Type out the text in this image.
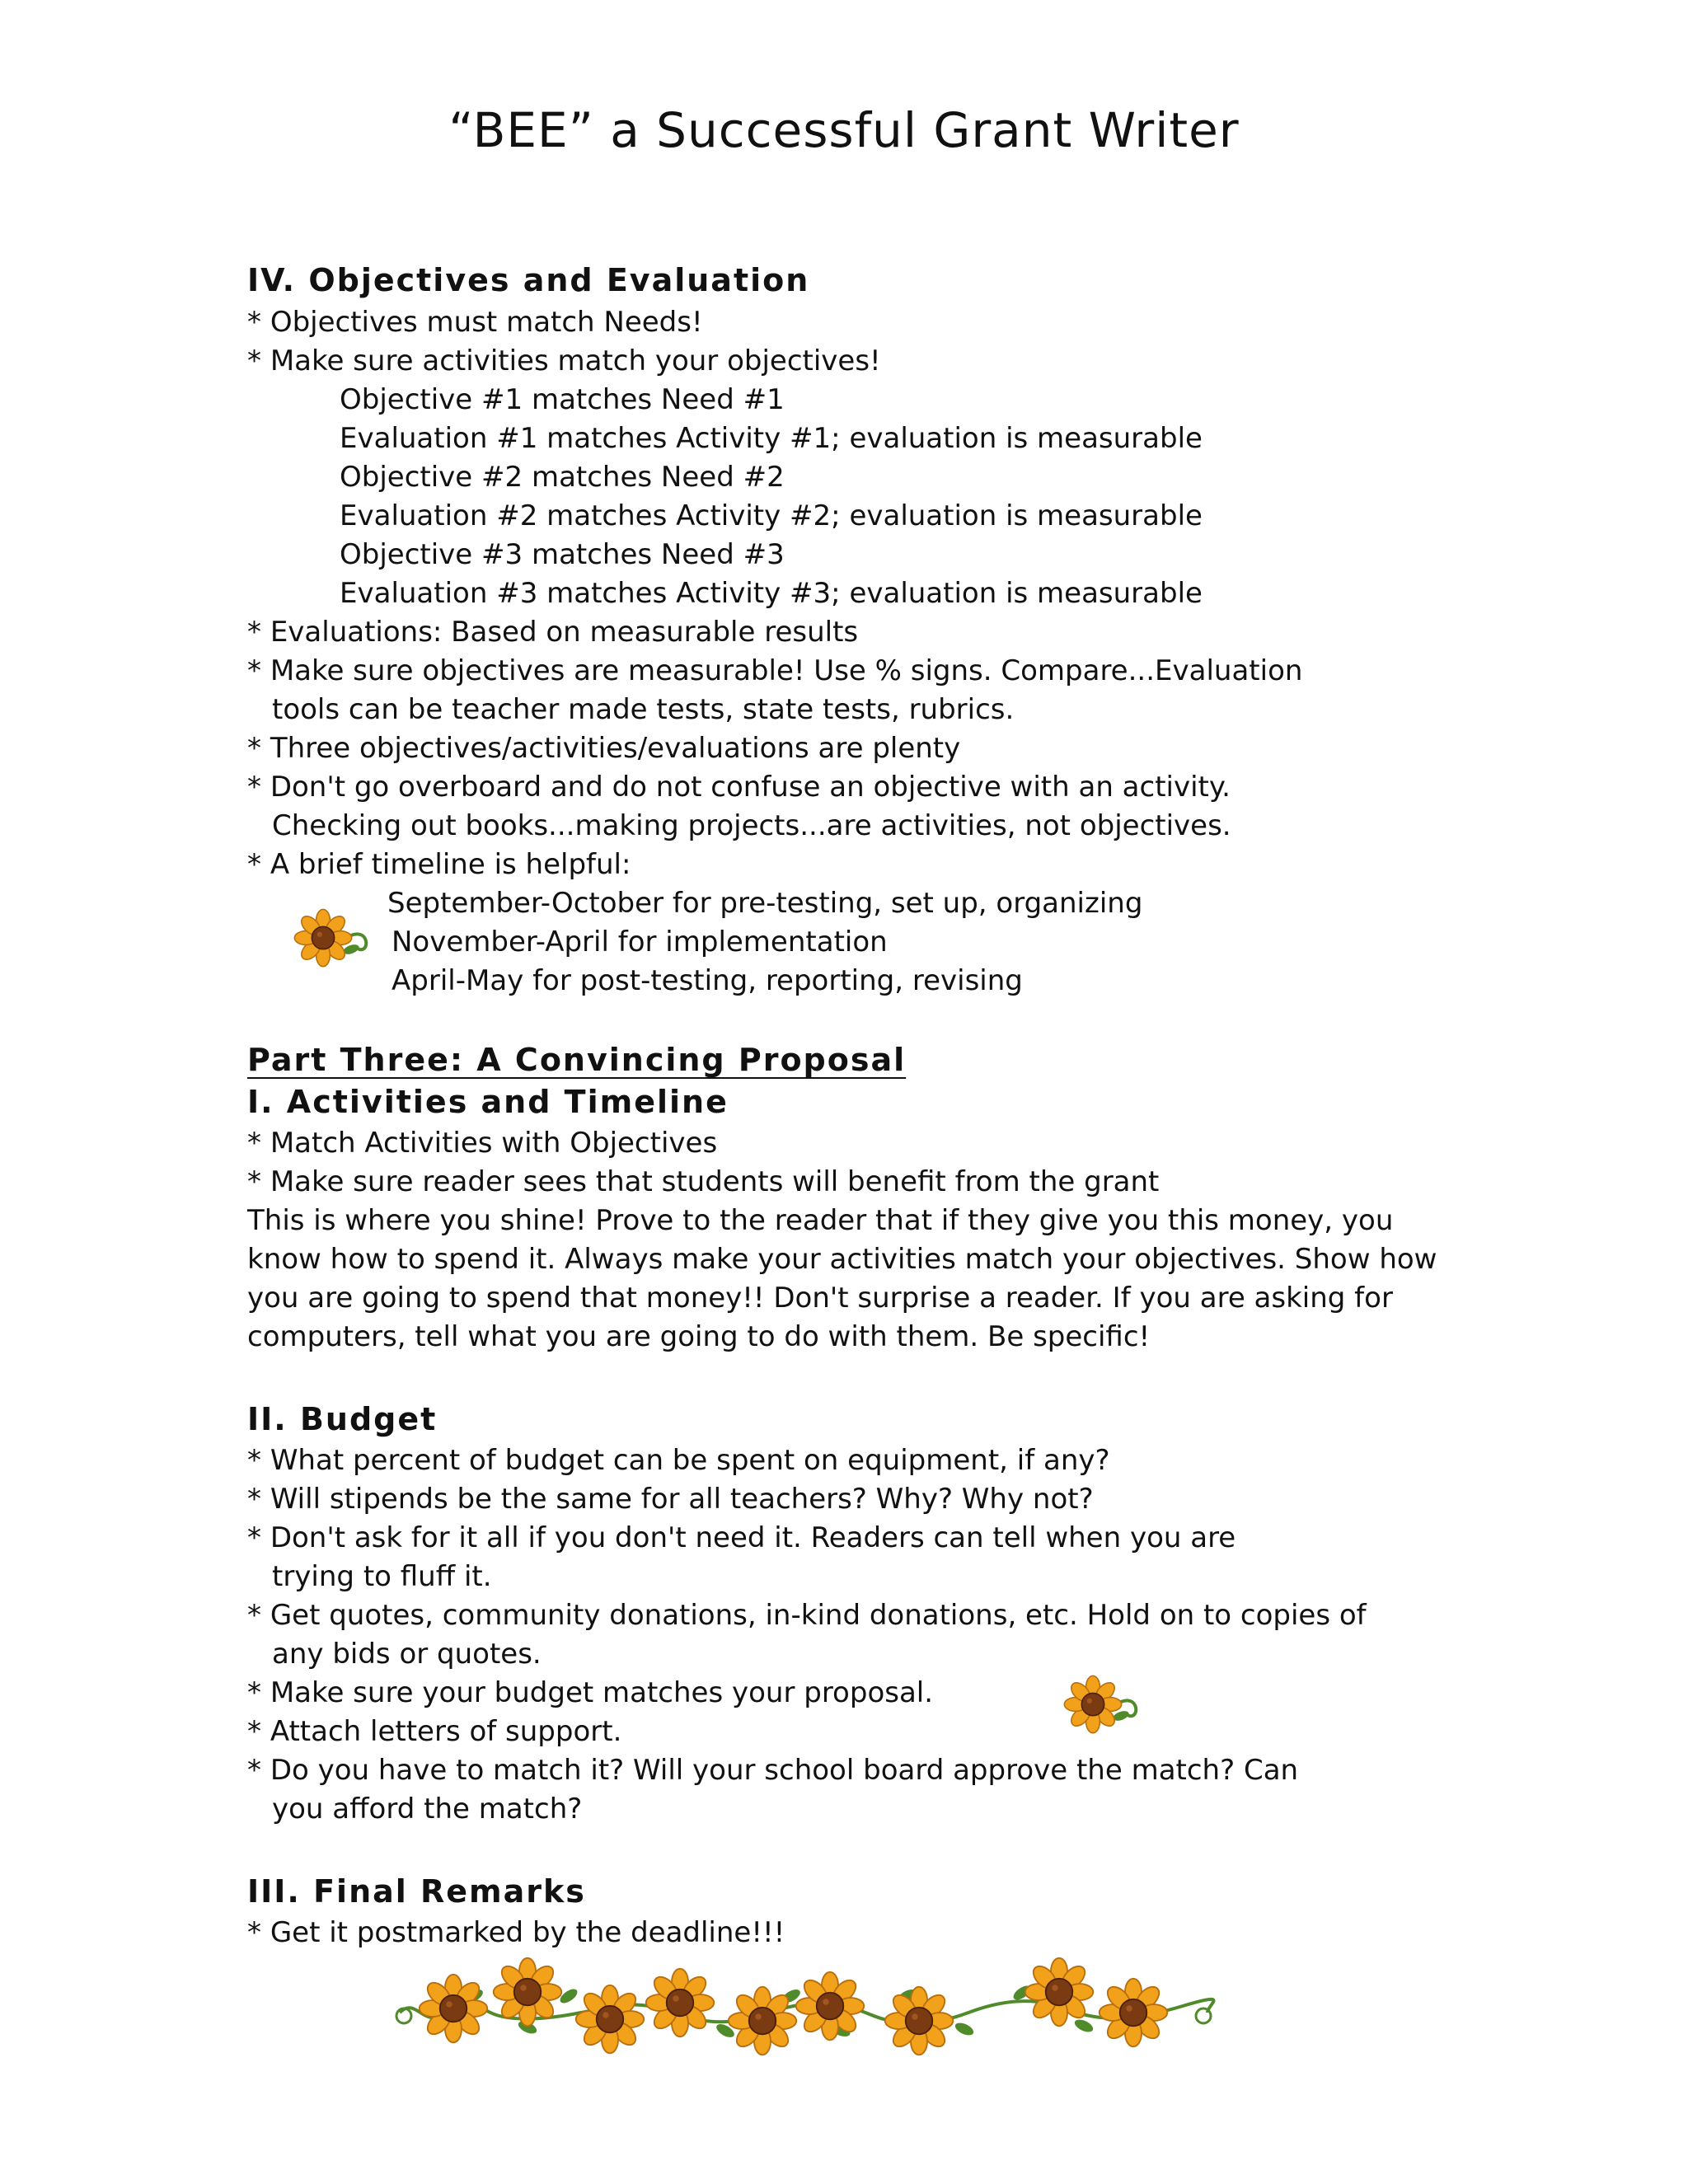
“BEE” a Successful Grant Writer
IV. Objectives and Evaluation
* Objectives must match Needs!
* Make sure activities match your objectives!
Objective #1 matches Need #1
Evaluation #1 matches Activity #1; evaluation is measurable
Objective #2 matches Need #2
Evaluation #2 matches Activity #2; evaluation is measurable
Objective #3 matches Need #3
Evaluation #3 matches Activity #3; evaluation is measurable
* Evaluations: Based on measurable results
* Make sure objectives are measurable! Use % signs. Compare...Evaluation
tools can be teacher made tests, state tests, rubrics.
* Three objectives/activities/evaluations are plenty
* Don't go overboard and do not confuse an objective with an activity.
Checking out books...making projects...are activities, not objectives.
* A brief timeline is helpful:
September-October for pre-testing, set up, organizing
November-April for implementation
April-May for post-testing, reporting, revising
Part Three: A Convincing Proposal
I. Activities and Timeline
* Match Activities with Objectives
* Make sure reader sees that students will benefit from the grant
This is where you shine! Prove to the reader that if they give you this money, you
know how to spend it. Always make your activities match your objectives. Show how
you are going to spend that money!! Don't surprise a reader. If you are asking for
computers, tell what you are going to do with them. Be specific!
II. Budget
* What percent of budget can be spent on equipment, if any?
* Will stipends be the same for all teachers? Why? Why not?
* Don't ask for it all if you don't need it. Readers can tell when you are
trying to fluff it.
* Get quotes, community donations, in-kind donations, etc. Hold on to copies of
any bids or quotes.
* Make sure your budget matches your proposal.
* Attach letters of support.
* Do you have to match it? Will your school board approve the match? Can
you afford the match?
III. Final Remarks
* Get it postmarked by the deadline!!!
